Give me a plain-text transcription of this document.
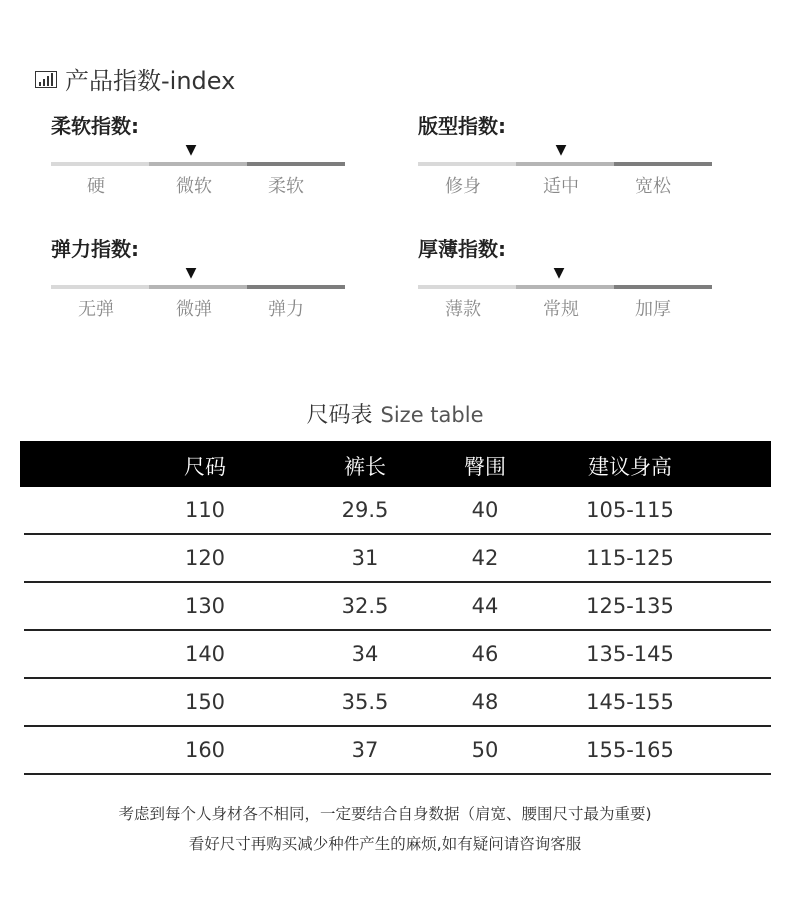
产品指数-index
柔软指数:
▼
硬	微软	柔软
版型指数:
▼
修身	适中	宽松
弹力指数:
▼
无弹	微弹	弹力
厚薄指数:
▼
薄款	常规	加厚
尺码表 Size table
尺码	裤长	臀围	建议身高
110	29.5	40	105-115
120	31	42	115-125
130	32.5	44	125-135
140	34	46	135-145
150	35.5	48	145-155
160	37	50	155-165
考虑到每个人身材各不相同，一定要结合自身数据（肩宽、腰围尺寸最为重要)
看好尺寸再购买减少种件产生的麻烦,如有疑问请咨询客服
